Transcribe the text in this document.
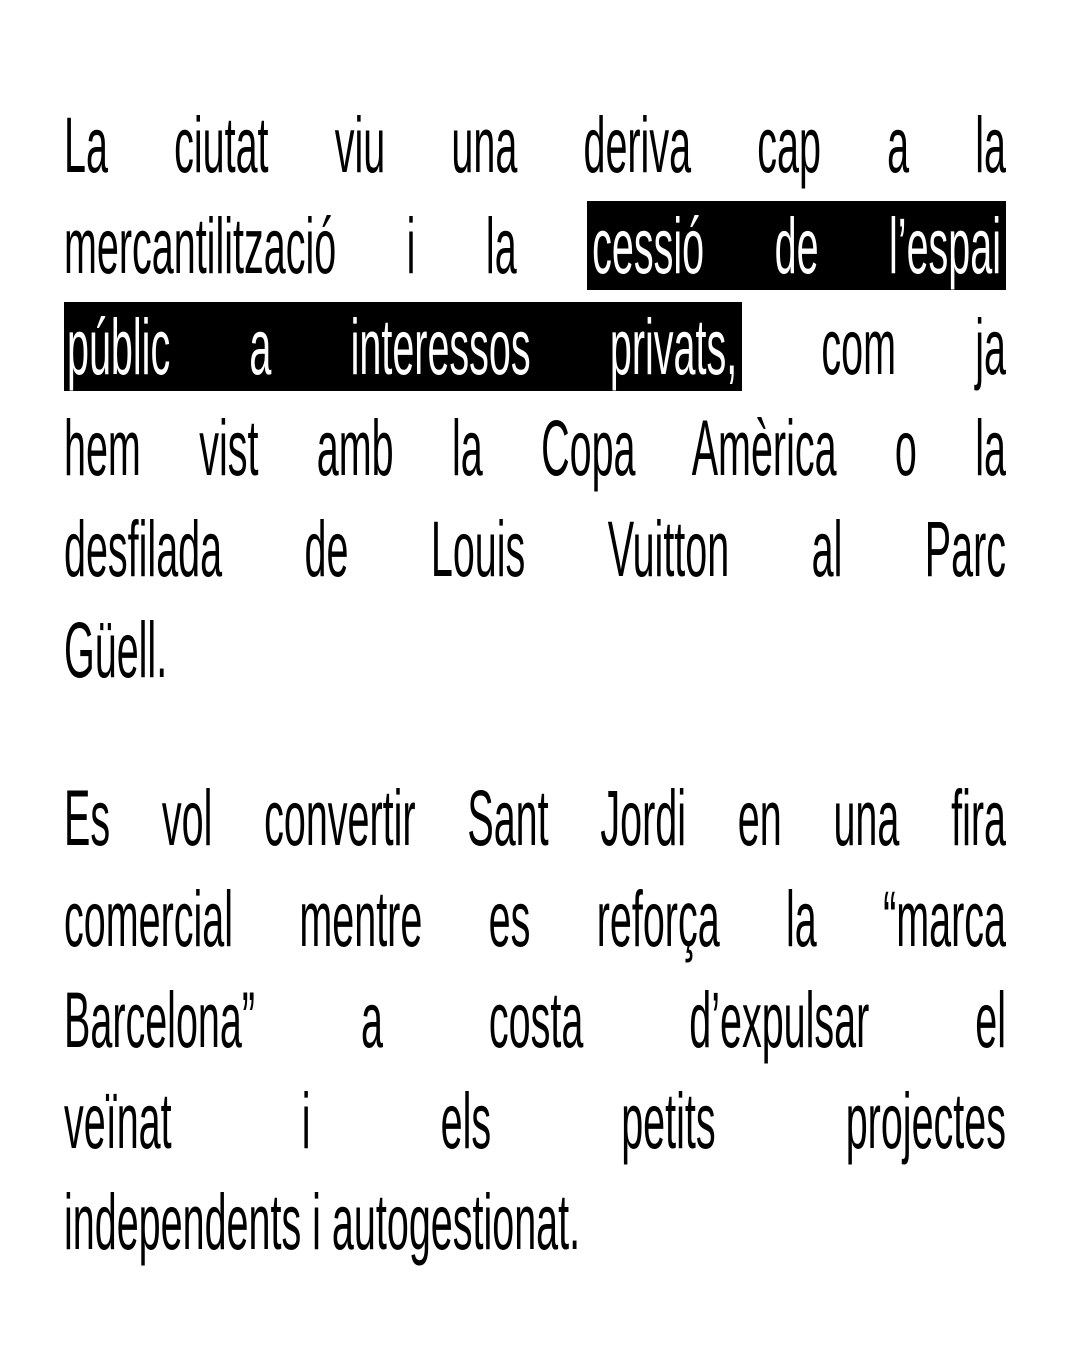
La ciutat viu una deriva cap a la
mercantilització i la cessió de l’espai
públic a interessos privats, com ja
hem vist amb la Copa Amèrica o la
desfilada de Louis Vuitton al Parc
Güell.
Es vol convertir Sant Jordi en una fira
comercial mentre es reforça la “marca
Barcelona” a costa d’expulsar el
veïnat i els petits projectes
independents i autogestionat.
